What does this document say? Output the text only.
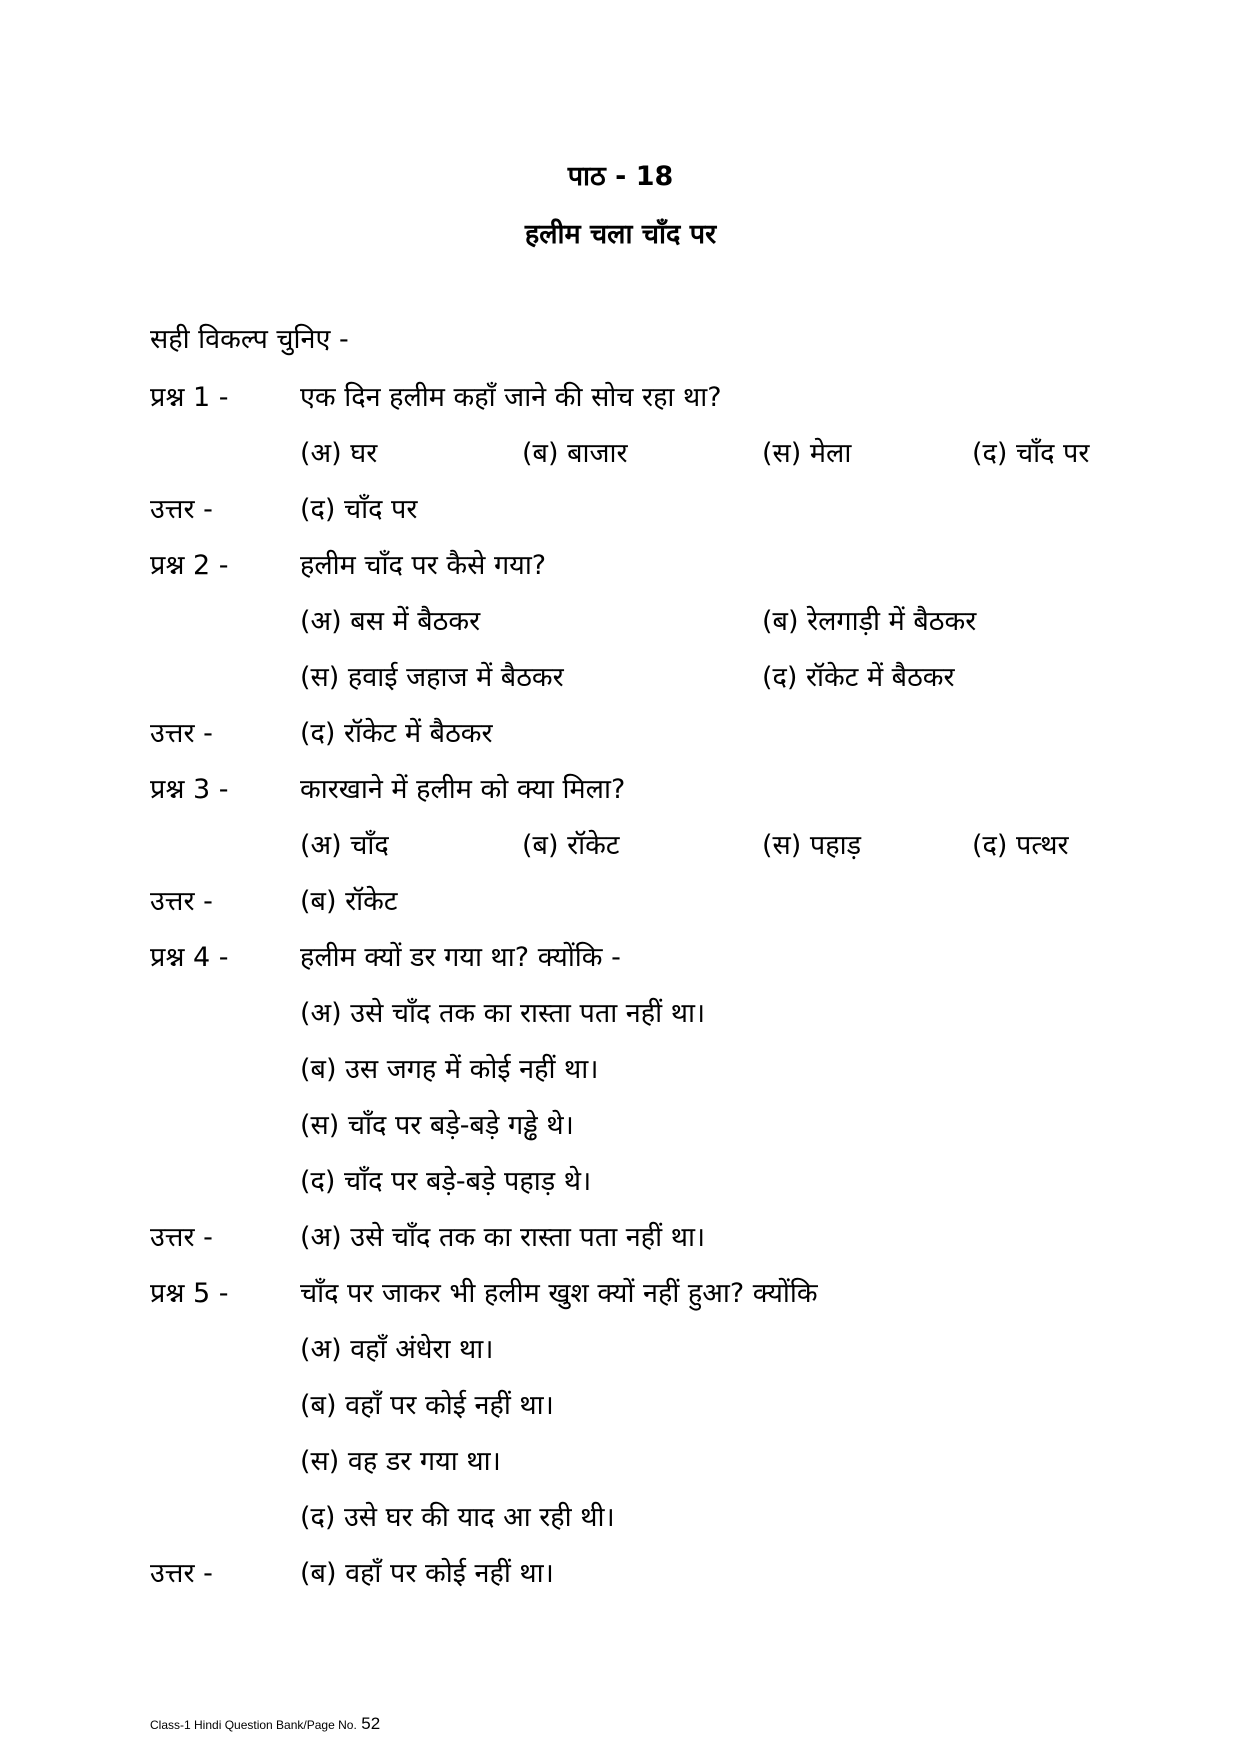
पाठ - 18
हलीम चला चाँद पर
सही विकल्प चुनिए -
प्रश्न 1 -	एक दिन हलीम कहाँ जाने की सोच रहा था?
(अ) घर	(ब) बाजार	(स) मेला	(द) चाँद पर
उत्तर -	(द) चाँद पर
प्रश्न 2 -	हलीम चाँद पर कैसे गया?
(अ) बस में बैठकर	(ब) रेलगाड़ी में बैठकर
(स) हवाई जहाज में बैठकर	(द) रॉकेट में बैठकर
उत्तर -	(द) रॉकेट में बैठकर
प्रश्न 3 -	कारखाने में हलीम को क्या मिला?
(अ) चाँद	(ब) रॉकेट	(स) पहाड़	(द) पत्थर
उत्तर -	(ब) रॉकेट
प्रश्न 4 -	हलीम क्यों डर गया था? क्योंकि -
(अ) उसे चाँद तक का रास्ता पता नहीं था।
(ब) उस जगह में कोई नहीं था।
(स) चाँद पर बड़े-बड़े गड्ढे थे।
(द) चाँद पर बड़े-बड़े पहाड़ थे।
उत्तर -	(अ) उसे चाँद तक का रास्ता पता नहीं था।
प्रश्न 5 -	चाँद पर जाकर भी हलीम खुश क्यों नहीं हुआ? क्योंकि
(अ) वहाँ अंधेरा था।
(ब) वहाँ पर कोई नहीं था।
(स) वह डर गया था।
(द) उसे घर की याद आ रही थी।
उत्तर -	(ब) वहाँ पर कोई नहीं था।
Class-1 Hindi Question Bank/Page No. 52
